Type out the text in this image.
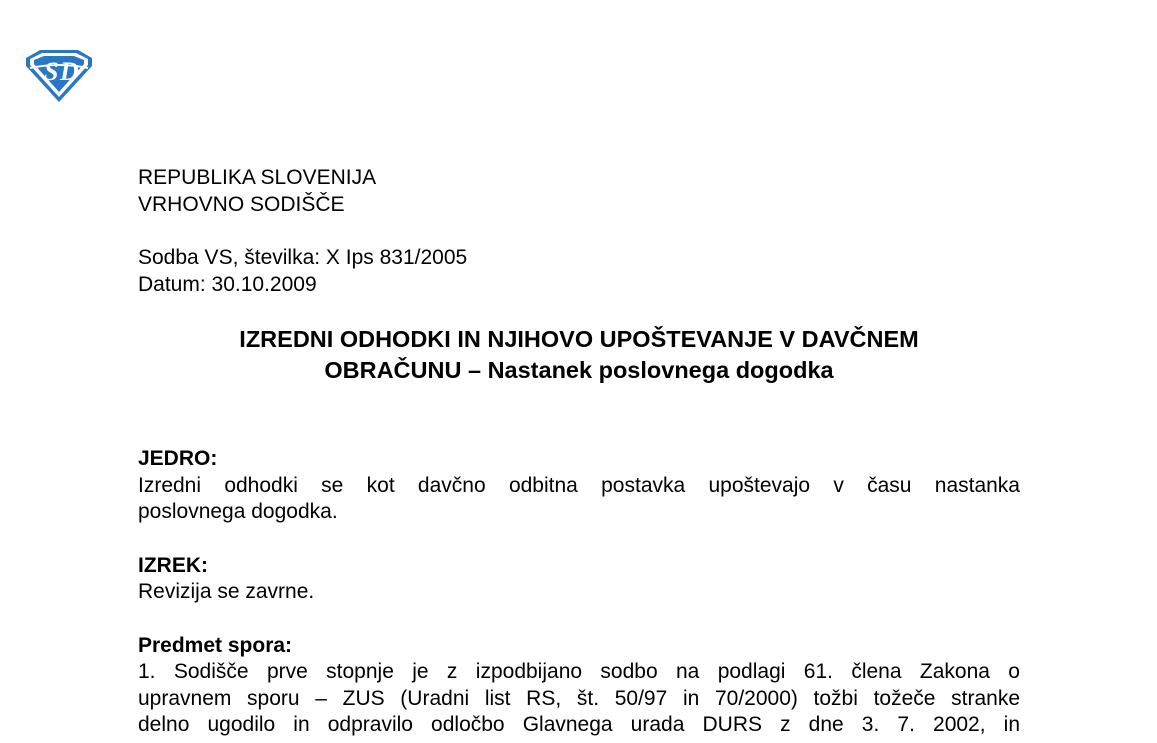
S D
REPUBLIKA SLOVENIJA
VRHOVNO SODIŠČE
Sodba VS, številka: X Ips 831/2005
Datum: 30.10.2009
IZREDNI ODHODKI IN NJIHOVO UPOŠTEVANJE V DAVČNEM
OBRAČUNU – Nastanek poslovnega dogodka
JEDRO:
Izredni odhodki se kot davčno odbitna postavka upoštevajo v času nastanka
poslovnega dogodka.
IZREK:
Revizija se zavrne.
Predmet spora:
1. Sodišče prve stopnje je z izpodbijano sodbo na podlagi 61. člena Zakona o
upravnem sporu – ZUS (Uradni list RS, št. 50/97 in 70/2000) tožbi tožeče stranke
delno ugodilo in odpravilo odločbo Glavnega urada DURS z dne 3. 7. 2002, in
